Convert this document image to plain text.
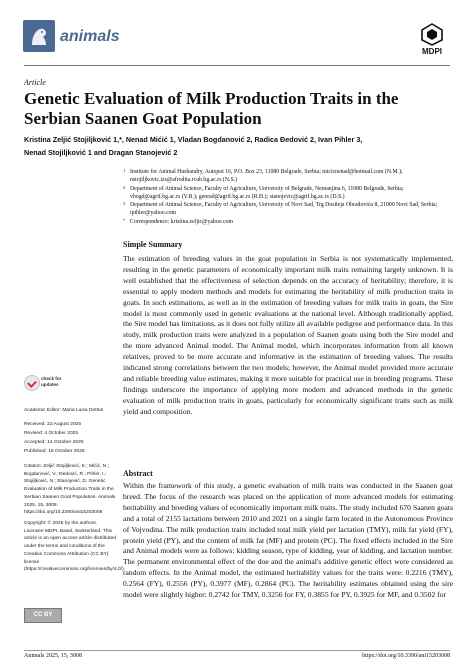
animals
MDPI
Article
Genetic Evaluation of Milk Production Traits in the Serbian Saanen Goat Population
Kristina Zeljić Stojiljković 1,*, Nenad Mićić 1, Vladan Bogdanović 2, Radica Đedović 2, Ivan Pihler 3,
Nenad Stojiljković 1 and Dragan Stanojević 2
1 Institute for Animal Husbandry, Autoput 16, P.O. Box 23, 11080 Belgrade, Serbia; micicnenad@hotmail.com (N.M.); nstojiljkovic.izs@afrodita.rcub.bg.ac.rs (N.S.)
2 Department of Animal Science, Faculty of Agriculture, University of Belgrade, Nemanjina 6, 11080 Belgrade, Serbia; vbogd@agrif.bg.ac.rs (V.B.); genrad@agrif.bg.ac.rs (R.Đ.); stanojevic@agrif.bg.ac.rs (D.S.)
3 Department of Animal Science, Faculty of Agriculture, University of Novi Sad, Trg Dositeja Obradovića 8, 21000 Novi Sad, Serbia; ipihler@yahoo.com
* Correspondence: kristina.zeljic@yahoo.com
Simple Summary
The estimation of breeding values in the goat population in Serbia is not systematically implemented, resulting in the genetic parameters of economically important milk traits remaining largely unknown. It is well established that the effectiveness of selection depends on the accuracy of heritability; therefore, it is essential to apply modern methods and models for estimating the heritability of milk production traits in goats. In such estimations, as well as in the estimation of breeding values for milk traits in goats, the Sire model is most commonly used in genetic evaluations at the national level. Although traditionally applied, the Sire model has limitations, as it does not fully utilize all available pedigree and performance data. In this study, milk production traits were analyzed in a population of Saanen goats using both the Sire model and the more advanced Animal model. The Animal model, which incorporates information from all known relatives, proved to be more accurate and informative in the estimation of breeding values. The results indicated strong correlations between the two models; however, the Animal model provided more accurate and reliable breeding value estimates, making it more suitable for practical use in breeding programs. These findings underscore the importance of applying more modern and advanced methods in the genetic evaluation of milk production traits in goats, particularly for economically significant traits such as milk yield and composition.
Abstract
Within the framework of this study, a genetic evaluation of milk traits was conducted in the Saanen goat breed. The focus of the research was placed on the application of more advanced models for estimating heritability and breeding values of economically important milk traits. The study included 670 Saanen goats and a total of 2155 lactations between 2010 and 2021 on a single farm located in the Autonomous Province of Vojvodina. The milk production traits included total milk yield per lactation (TMY), milk fat yield (FY), protein yield (PY), and the content of milk fat (MF) and protein (PC). The fixed effects included in the Sire and Animal models were as follows: kidding season, type of kidding, year of kidding, and lactation number. The permanent environmental effect of the doe and the animal's additive genetic effect were considered as random effects. In the Animal model, the estimated heritability values for the traits were: 0.2216 (TMY), 0.2564 (FY), 0.2556 (PY), 0.3977 (MF), 0.2864 (PC). The heritability estimates obtained using the sire model were slightly higher: 0.2742 for TMY, 0.3256 for FY, 0.3855 for PY, 0.3925 for MF, and 0.3502 for
check for updates
Academic Editor: Maria Luisa Dettori
Received: 23 August 2025
Revised: 4 October 2025
Accepted: 14 October 2025
Published: 16 October 2025
Citation: Zeljić Stojiljković, K.; Mićić, N.; Bogdanović, V.; Đedović, R.; Pihler, I.; Stojiljković, N.; Stanojević, D. Genetic Evaluation of Milk Production Traits in the Serbian Saanen Goat Population. Animals 2025, 15, 3008. https://doi.org/10.3390/ani15203008
Copyright: © 2025 by the authors. Licensee MDPI, Basel, Switzerland. This article is an open access article distributed under the terms and conditions of the Creative Commons Attribution (CC BY) license (https://creativecommons.org/licenses/by/4.0/).
CC BY
Animals 2025, 15, 3008	https://doi.org/10.3390/ani15203008
